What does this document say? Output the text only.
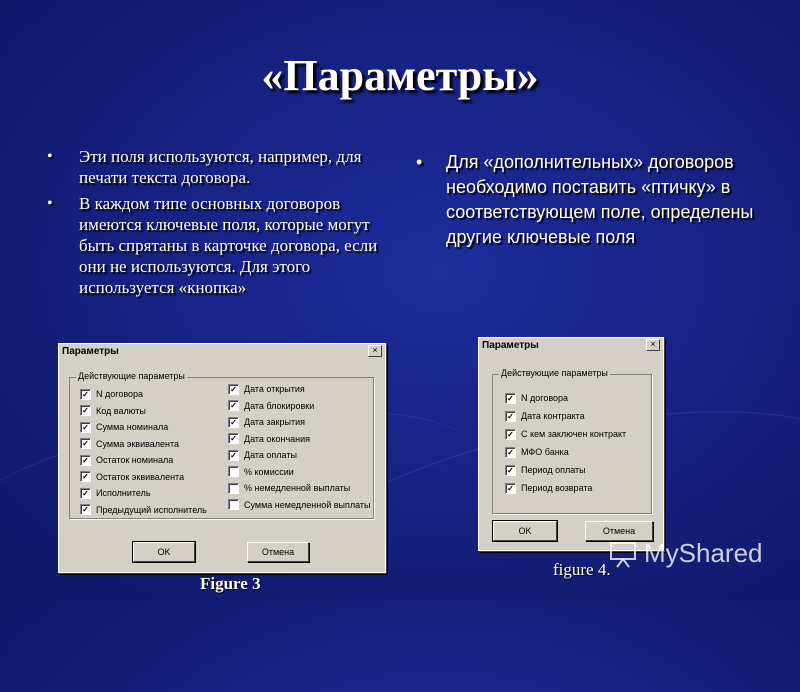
«Параметры»
• Эти поля используются, например, для печати текста договора.
• В каждом типе основных договоров имеются ключевые поля, которые могут быть спрятаны в карточке договора, если они не используются. Для этого используется «кнопка»
• Для «дополнительных» договоров необходимо поставить «птичку» в соответствующем поле, определены другие ключевые поля
Параметры	×
Действующие параметры
✓ N договора
✓ Код валюты
✓ Сумма номинала
✓ Сумма эквивалента
✓ Остаток номинала
✓ Остаток эквивалента
✓ Исполнитель
✓ Предыдущий исполнитель
✓ Дата открытия
✓ Дата блокировки
✓ Дата закрытия
✓ Дата окончания
✓ Дата оплаты
% комиссии
% немедленной выплаты
Сумма немедленной выплаты
OK	Отмена
Параметры	×
Действующие параметры
✓ N договора
✓ Дата контракта
✓ С кем заключен контракт
✓ МФО банка
✓ Период оплаты
✓ Период возврата
OK	Отмена
Figure 3
figure 4.
MyShared
